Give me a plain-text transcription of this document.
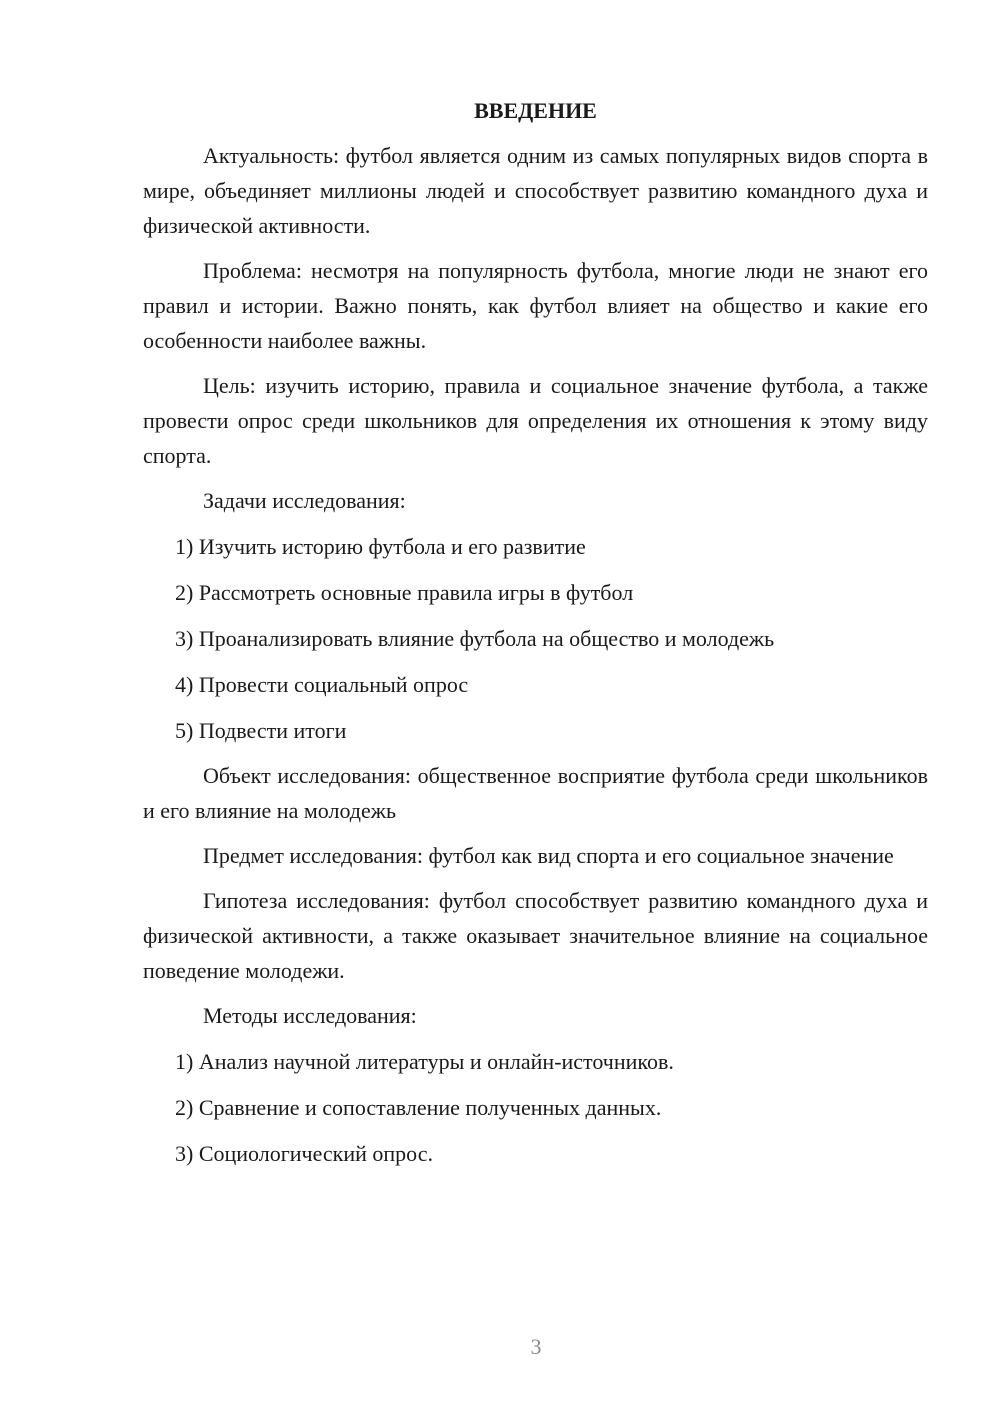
ВВЕДЕНИЕ

Актуальность: футбол является одним из самых популярных видов спорта в мире, объединяет миллионы людей и способствует развитию командного духа и физической активности.

Проблема: несмотря на популярность футбола, многие люди не знают его правил и истории. Важно понять, как футбол влияет на общество и какие его особенности наиболее важны.

Цель: изучить историю, правила и социальное значение футбола, а также провести опрос среди школьников для определения их отношения к этому виду спорта.

Задачи исследования:

1) Изучить историю футбола и его развитие
2) Рассмотреть основные правила игры в футбол
3) Проанализировать влияние футбола на общество и молодежь
4) Провести социальный опрос
5) Подвести итоги

Объект исследования: общественное восприятие футбола среди школьников и его влияние на молодежь

Предмет исследования: футбол как вид спорта и его социальное значение

Гипотеза исследования: футбол способствует развитию командного духа и физической активности, а также оказывает значительное влияние на социальное поведение молодежи.

Методы исследования:

1) Анализ научной литературы и онлайн-источников.
2) Сравнение и сопоставление полученных данных.
3) Социологический опрос.
3
